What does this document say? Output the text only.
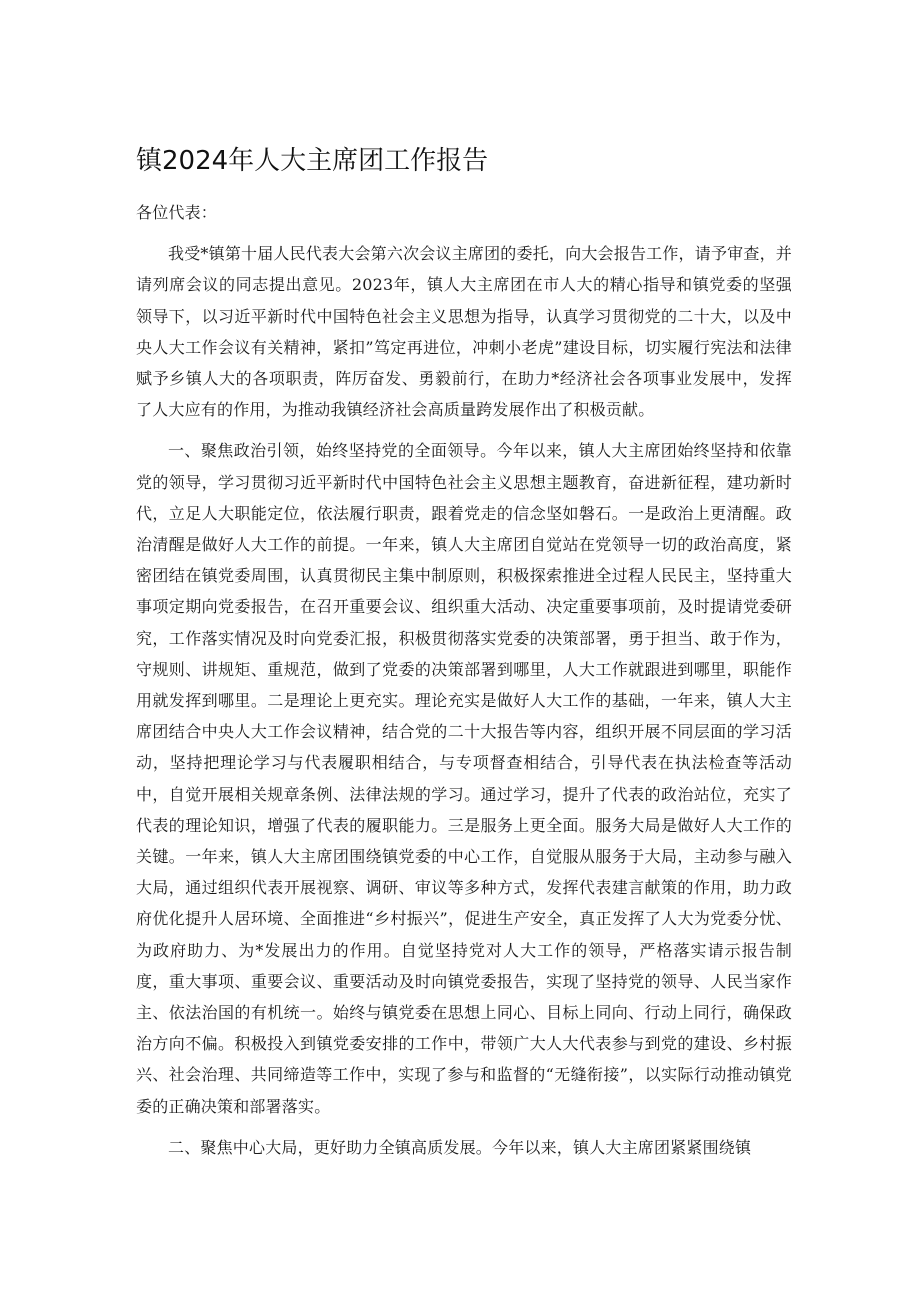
镇2024年人大主席团工作报告

各位代表：

我受*镇第十届人民代表大会第六次会议主席团的委托，向大会报告工作，请予审查，并请列席会议的同志提出意见。2023年，镇人大主席团在市人大的精心指导和镇党委的坚强领导下，以习近平新时代中国特色社会主义思想为指导，认真学习贯彻党的二十大，以及中央人大工作会议有关精神，紧扣”笃定再进位，冲刺小老虎”建设目标，切实履行宪法和法律赋予乡镇人大的各项职责，阵厉奋发、勇毅前行，在助力*经济社会各项事业发展中，发挥了人大应有的作用，为推动我镇经济社会高质量跨发展作出了积极贡献。

一、聚焦政治引领，始终坚持党的全面领导。今年以来，镇人大主席团始终坚持和依靠党的领导，学习贯彻习近平新时代中国特色社会主义思想主题教育，奋进新征程，建功新时代，立足人大职能定位，依法履行职责，跟着党走的信念坚如磐石。一是政治上更清醒。政治清醒是做好人大工作的前提。一年来，镇人大主席团自觉站在党领导一切的政治高度，紧密团结在镇党委周围，认真贯彻民主集中制原则，积极探索推进全过程人民民主，坚持重大事项定期向党委报告，在召开重要会议、组织重大活动、决定重要事项前，及时提请党委研究，工作落实情况及时向党委汇报，积极贯彻落实党委的决策部署，勇于担当、敢于作为，守规则、讲规矩、重规范，做到了党委的决策部署到哪里，人大工作就跟进到哪里，职能作用就发挥到哪里。二是理论上更充实。理论充实是做好人大工作的基础，一年来，镇人大主席团结合中央人大工作会议精神，结合党的二十大报告等内容，组织开展不同层面的学习活动，坚持把理论学习与代表履职相结合，与专项督查相结合，引导代表在执法检查等活动中，自觉开展相关规章条例、法律法规的学习。通过学习，提升了代表的政治站位，充实了代表的理论知识，增强了代表的履职能力。三是服务上更全面。服务大局是做好人大工作的关键。一年来，镇人大主席团围绕镇党委的中心工作，自觉服从服务于大局，主动参与融入大局，通过组织代表开展视察、调研、审议等多种方式，发挥代表建言献策的作用，助力政府优化提升人居环境、全面推进“乡村振兴”，促进生产安全，真正发挥了人大为党委分忧、为政府助力、为*发展出力的作用。自觉坚持党对人大工作的领导，严格落实请示报告制度，重大事项、重要会议、重要活动及时向镇党委报告，实现了坚持党的领导、人民当家作主、依法治国的有机统一。始终与镇党委在思想上同心、目标上同向、行动上同行，确保政治方向不偏。积极投入到镇党委安排的工作中，带领广大人大代表参与到党的建设、乡村振兴、社会治理、共同缔造等工作中，实现了参与和监督的“无缝衔接”，以实际行动推动镇党委的正确决策和部署落实。

二、聚焦中心大局，更好助力全镇高质发展。今年以来，镇人大主席团紧紧围绕镇
